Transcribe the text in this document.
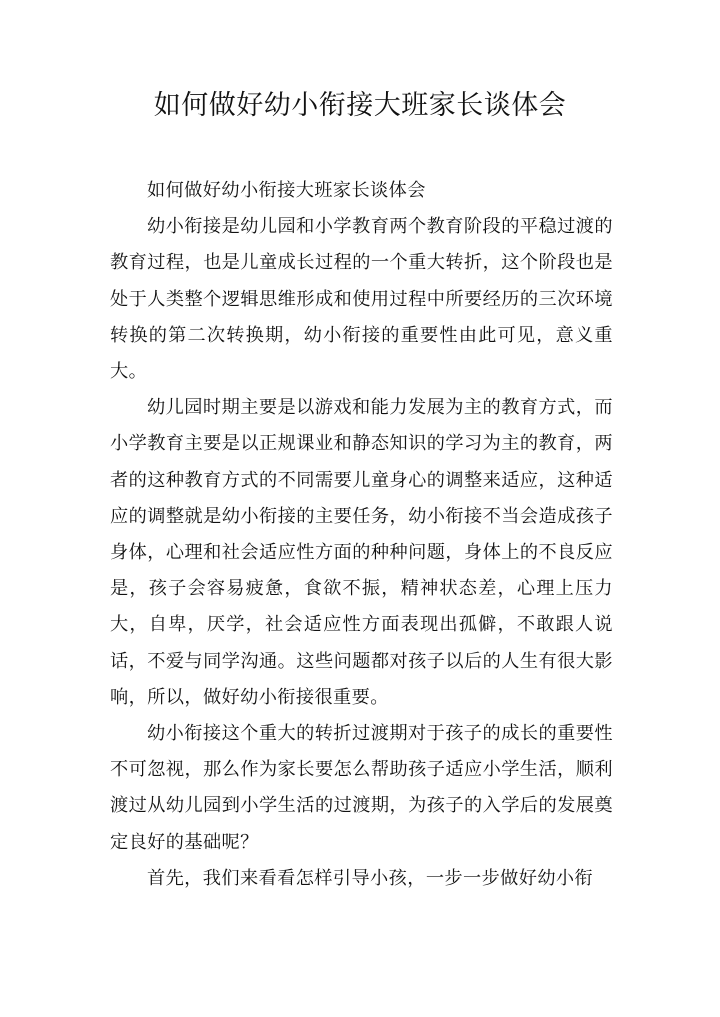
如何做好幼小衔接大班家长谈体会

如何做好幼小衔接大班家长谈体会

幼小衔接是幼儿园和小学教育两个教育阶段的平稳过渡的教育过程，也是儿童成长过程的一个重大转折，这个阶段也是处于人类整个逻辑思维形成和使用过程中所要经历的三次环境转换的第二次转换期，幼小衔接的重要性由此可见，意义重大。

幼儿园时期主要是以游戏和能力发展为主的教育方式，而小学教育主要是以正规课业和静态知识的学习为主的教育，两者的这种教育方式的不同需要儿童身心的调整来适应，这种适应的调整就是幼小衔接的主要任务，幼小衔接不当会造成孩子身体，心理和社会适应性方面的种种问题，身体上的不良反应是，孩子会容易疲惫，食欲不振，精神状态差，心理上压力大，自卑，厌学，社会适应性方面表现出孤僻，不敢跟人说话，不爱与同学沟通。这些问题都对孩子以后的人生有很大影响，所以，做好幼小衔接很重要。

幼小衔接这个重大的转折过渡期对于孩子的成长的重要性不可忽视，那么作为家长要怎么帮助孩子适应小学生活，顺利渡过从幼儿园到小学生活的过渡期，为孩子的入学后的发展奠定良好的基础呢？

首先，我们来看看怎样引导小孩，一步一步做好幼小衔
